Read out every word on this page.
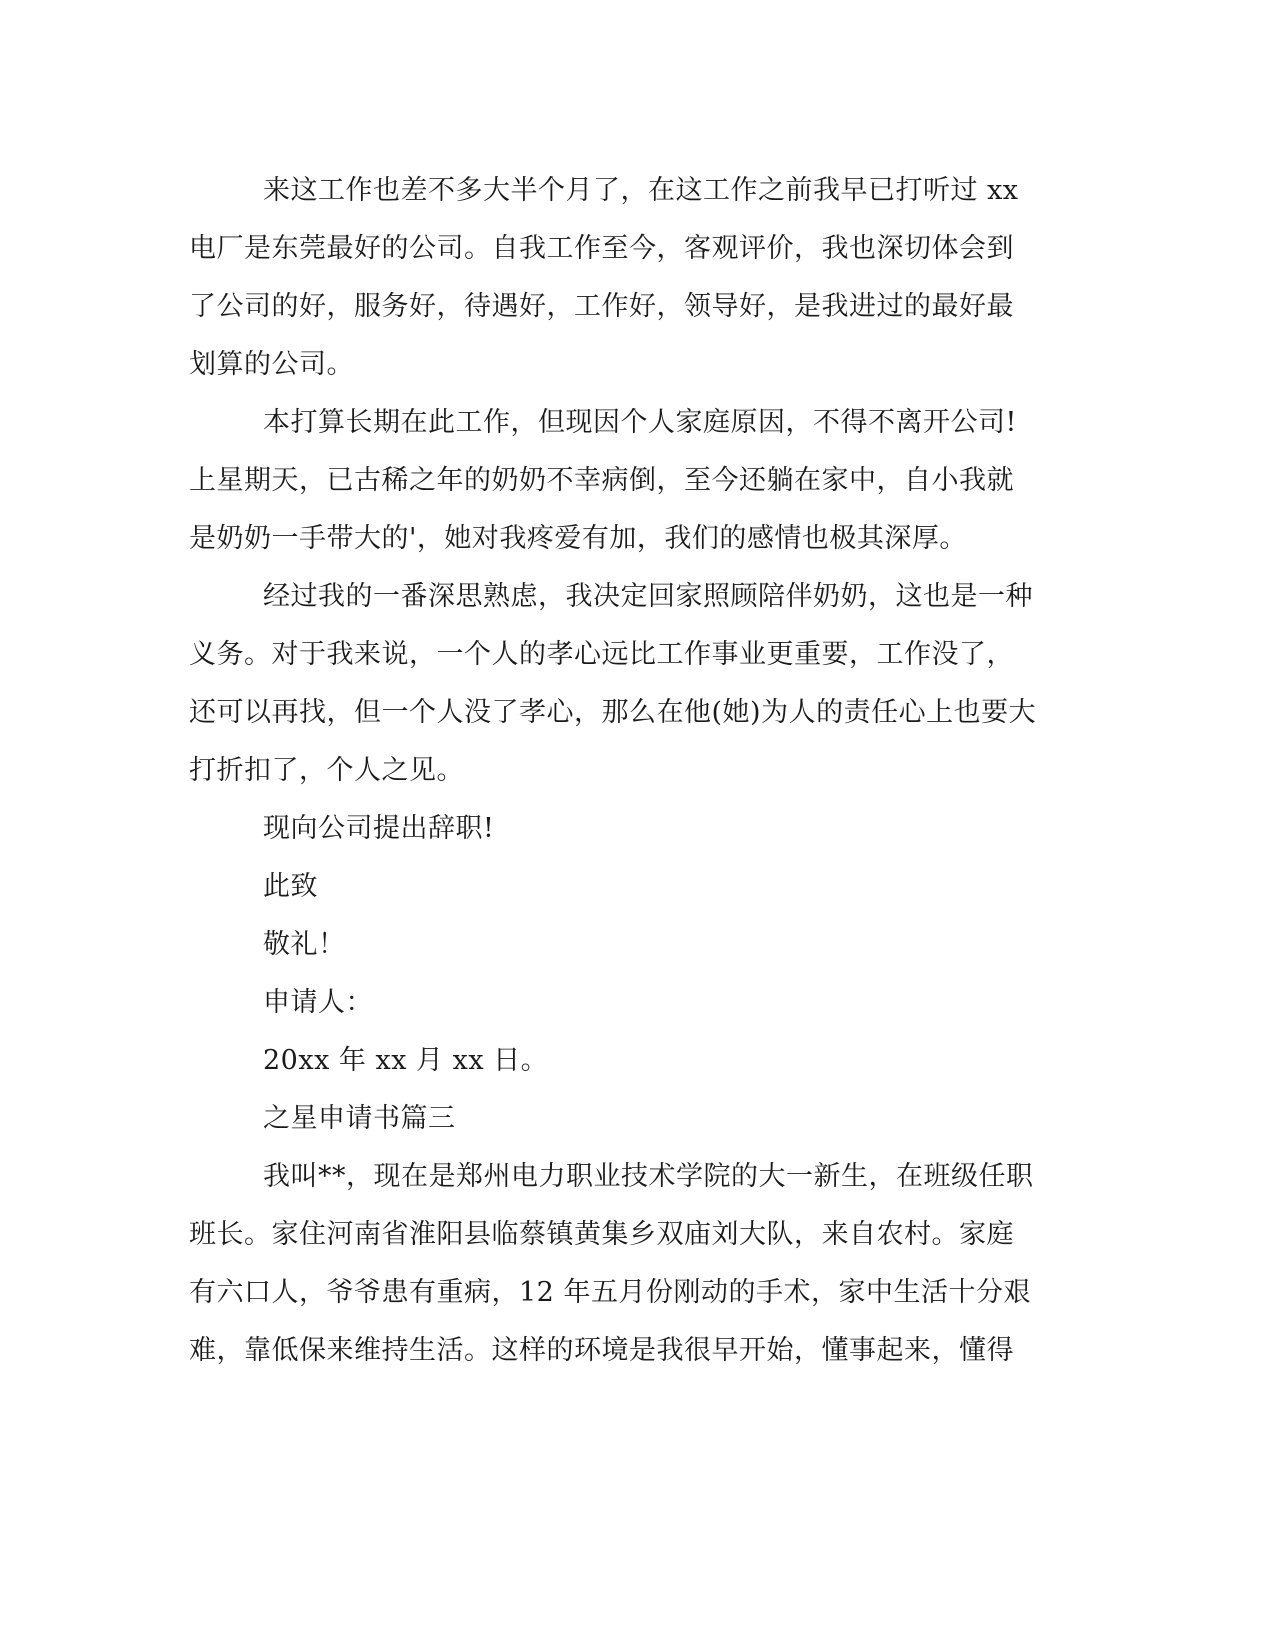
来这工作也差不多大半个月了，在这工作之前我早已打听过 xx
电厂是东莞最好的公司。自我工作至今，客观评价，我也深切体会到
了公司的好，服务好，待遇好，工作好，领导好，是我进过的最好最
划算的公司。
本打算长期在此工作，但现因个人家庭原因，不得不离开公司!
上星期天，已古稀之年的奶奶不幸病倒，至今还躺在家中，自小我就
是奶奶一手带大的'，她对我疼爱有加，我们的感情也极其深厚。
经过我的一番深思熟虑，我决定回家照顾陪伴奶奶，这也是一种
义务。对于我来说，一个人的孝心远比工作事业更重要，工作没了，
还可以再找，但一个人没了孝心，那么在他(她)为人的责任心上也要大
打折扣了，个人之见。
现向公司提出辞职!
此致
敬礼！
申请人：
20xx 年 xx 月 xx 日。
之星申请书篇三
我叫**，现在是郑州电力职业技术学院的大一新生，在班级任职
班长。家住河南省淮阳县临蔡镇黄集乡双庙刘大队，来自农村。家庭
有六口人，爷爷患有重病，12 年五月份刚动的手术，家中生活十分艰
难，靠低保来维持生活。这样的环境是我很早开始，懂事起来，懂得
